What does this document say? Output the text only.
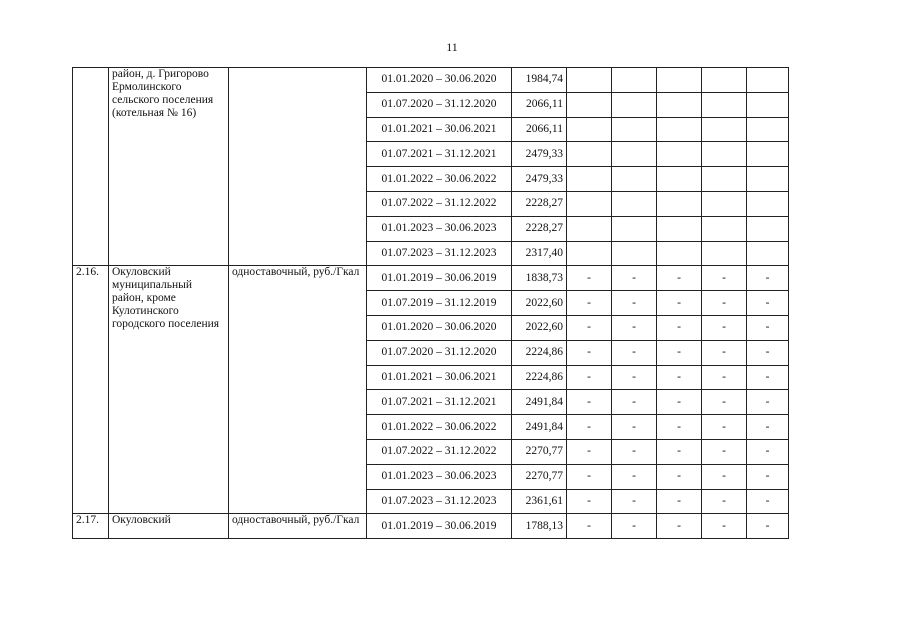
11
	район, д. Григорово Ермолинского сельского поселения (котельная № 16)		01.01.2020 – 30.06.2020	1984,74					
			01.07.2020 – 31.12.2020	2066,11					
			01.01.2021 – 30.06.2021	2066,11					
			01.07.2021 – 31.12.2021	2479,33					
			01.01.2022 – 30.06.2022	2479,33					
			01.07.2022 – 31.12.2022	2228,27					
			01.01.2023 – 30.06.2023	2228,27					
			01.07.2023 – 31.12.2023	2317,40					
2.16.	Окуловский муниципальный район, кроме Кулотинского городского поселения	одноставочный, руб./Гкал	01.01.2019 – 30.06.2019	1838,73	-	-	-	-	-
			01.07.2019 – 31.12.2019	2022,60	-	-	-	-	-
			01.01.2020 – 30.06.2020	2022,60	-	-	-	-	-
			01.07.2020 – 31.12.2020	2224,86	-	-	-	-	-
			01.01.2021 – 30.06.2021	2224,86	-	-	-	-	-
			01.07.2021 – 31.12.2021	2491,84	-	-	-	-	-
			01.01.2022 – 30.06.2022	2491,84	-	-	-	-	-
			01.07.2022 – 31.12.2022	2270,77	-	-	-	-	-
			01.01.2023 – 30.06.2023	2270,77	-	-	-	-	-
			01.07.2023 – 31.12.2023	2361,61	-	-	-	-	-
2.17.	Окуловский	одноставочный, руб./Гкал	01.01.2019 – 30.06.2019	1788,13	-	-	-	-	-
